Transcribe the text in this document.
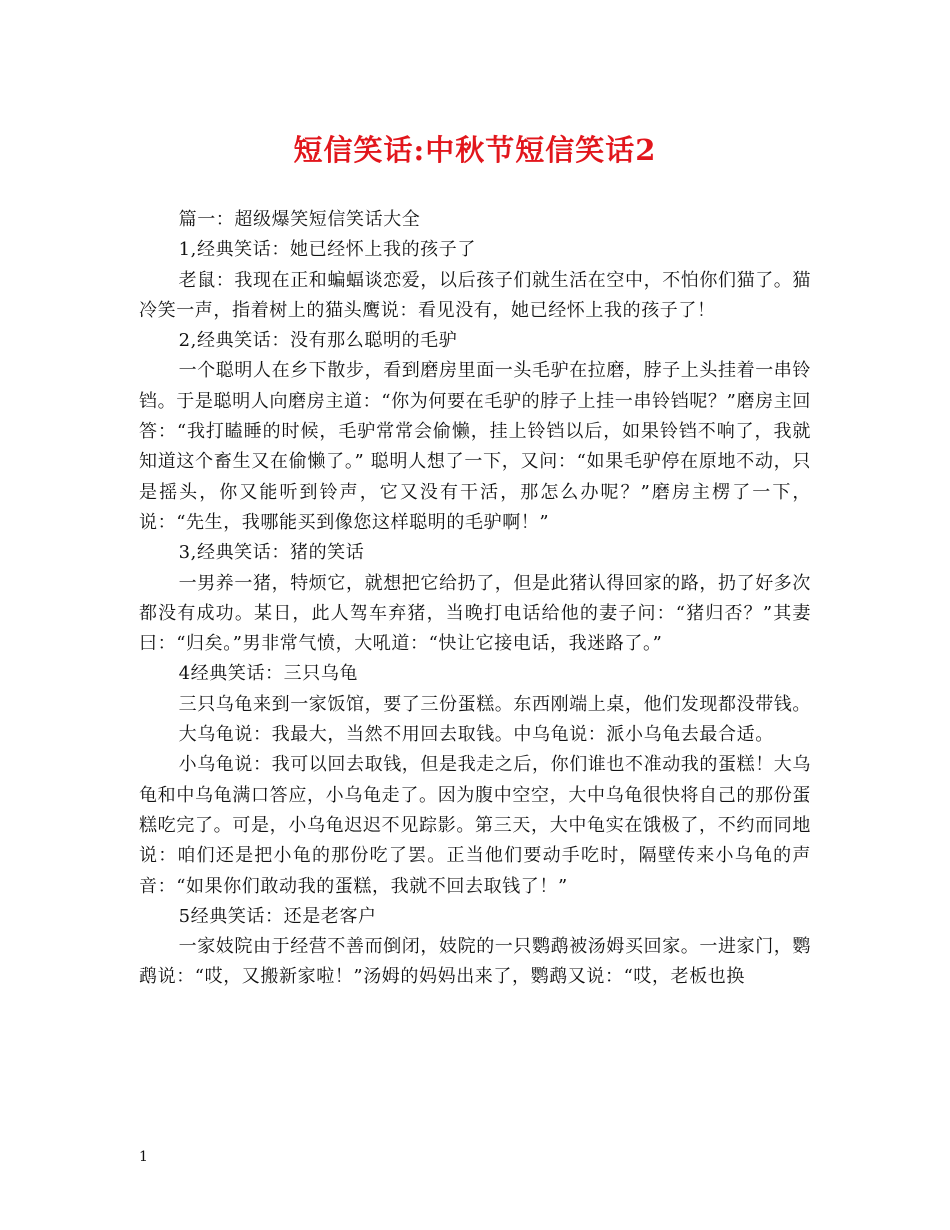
短信笑话:中秋节短信笑话2

篇一：超级爆笑短信笑话大全

1,经典笑话：她已经怀上我的孩子了

老鼠：我现在正和蝙蝠谈恋爱，以后孩子们就生活在空中，不怕你们猫了。猫冷笑一声，指着树上的猫头鹰说：看见没有，她已经怀上我的孩子了！

2,经典笑话：没有那么聪明的毛驴

一个聪明人在乡下散步，看到磨房里面一头毛驴在拉磨，脖子上头挂着一串铃铛。于是聪明人向磨房主道：“你为何要在毛驴的脖子上挂一串铃铛呢？”磨房主回答：“我打瞌睡的时候，毛驴常常会偷懒，挂上铃铛以后，如果铃铛不响了，我就知道这个畜生又在偷懒了。” 聪明人想了一下，又问：“如果毛驴停在原地不动，只是摇头，你又能听到铃声，它又没有干活，那怎么办呢？”磨房主楞了一下，说：“先生，我哪能买到像您这样聪明的毛驴啊！”

3,经典笑话：猪的笑话

一男养一猪，特烦它，就想把它给扔了，但是此猪认得回家的路，扔了好多次都没有成功。某日，此人驾车弃猪，当晚打电话给他的妻子问：“猪归否？”其妻曰：“归矣。”男非常气愤，大吼道：“快让它接电话，我迷路了。”

4经典笑话：三只乌龟

三只乌龟来到一家饭馆，要了三份蛋糕。东西刚端上桌，他们发现都没带钱。

大乌龟说：我最大，当然不用回去取钱。中乌龟说：派小乌龟去最合适。

小乌龟说：我可以回去取钱，但是我走之后，你们谁也不准动我的蛋糕！大乌龟和中乌龟满口答应，小乌龟走了。因为腹中空空，大中乌龟很快将自己的那份蛋糕吃完了。可是，小乌龟迟迟不见踪影。第三天，大中龟实在饿极了，不约而同地说：咱们还是把小龟的那份吃了罢。正当他们要动手吃时，隔壁传来小乌龟的声音：“如果你们敢动我的蛋糕，我就不回去取钱了！”

5经典笑话：还是老客户

一家妓院由于经营不善而倒闭，妓院的一只鹦鹉被汤姆买回家。一进家门，鹦鹉说：“哎，又搬新家啦！”汤姆的妈妈出来了，鹦鹉又说：“哎，老板也换

1
